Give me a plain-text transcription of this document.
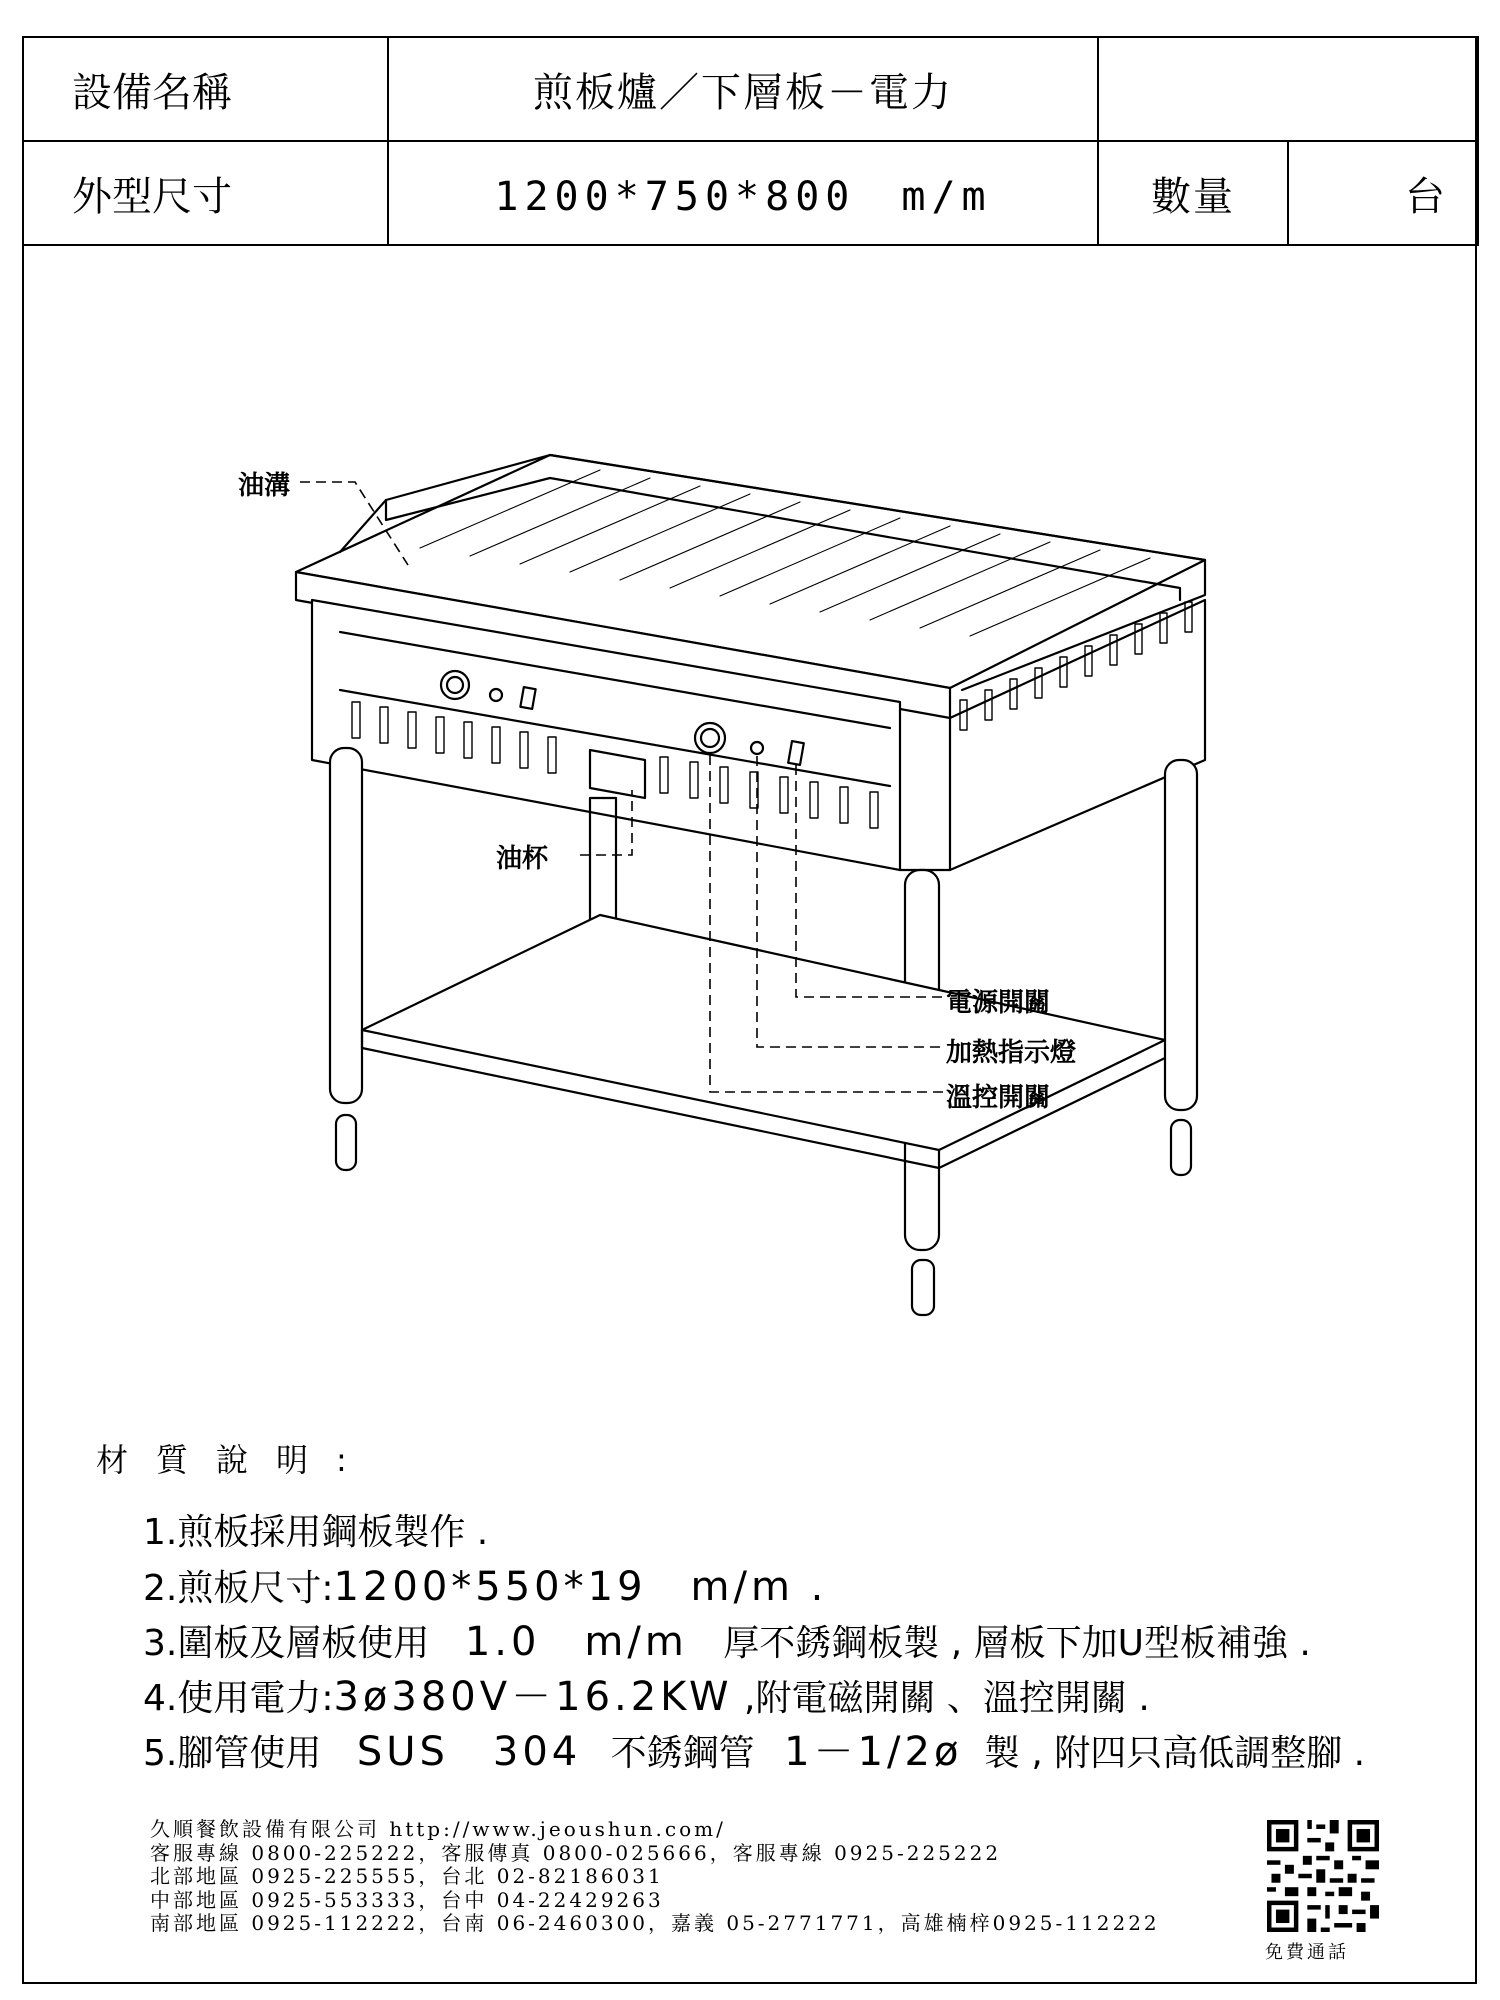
設備名稱	煎板爐／下層板－電力		
外型尺寸	1200*750*800　m/m	數量	台
油溝
油杯
電源開關
加熱指示燈
溫控開關
材質說明:
1.煎板採用鋼板製作 .
2.煎板尺寸:1200*550*19　m/m .
3.圍板及層板使用 1.0　m/m 厚不銹鋼板製 , 層板下加U型板補強 .
4.使用電力:3ø380V－16.2KW ,附電磁開關 、溫控開關 .
5.腳管使用 SUS　304 不銹鋼管 1－1/2ø 製 , 附四只高低調整腳 .
久順餐飲設備有限公司 http://www.jeoushun.com/
客服專線 0800-225222，客服傳真 0800-025666，客服專線 0925-225222
北部地區 0925-225555，台北 02-82186031
中部地區 0925-553333，台中 04-22429263
南部地區 0925-112222，台南 06-2460300，嘉義 05-2771771，高雄楠梓0925-112222
免費通話
